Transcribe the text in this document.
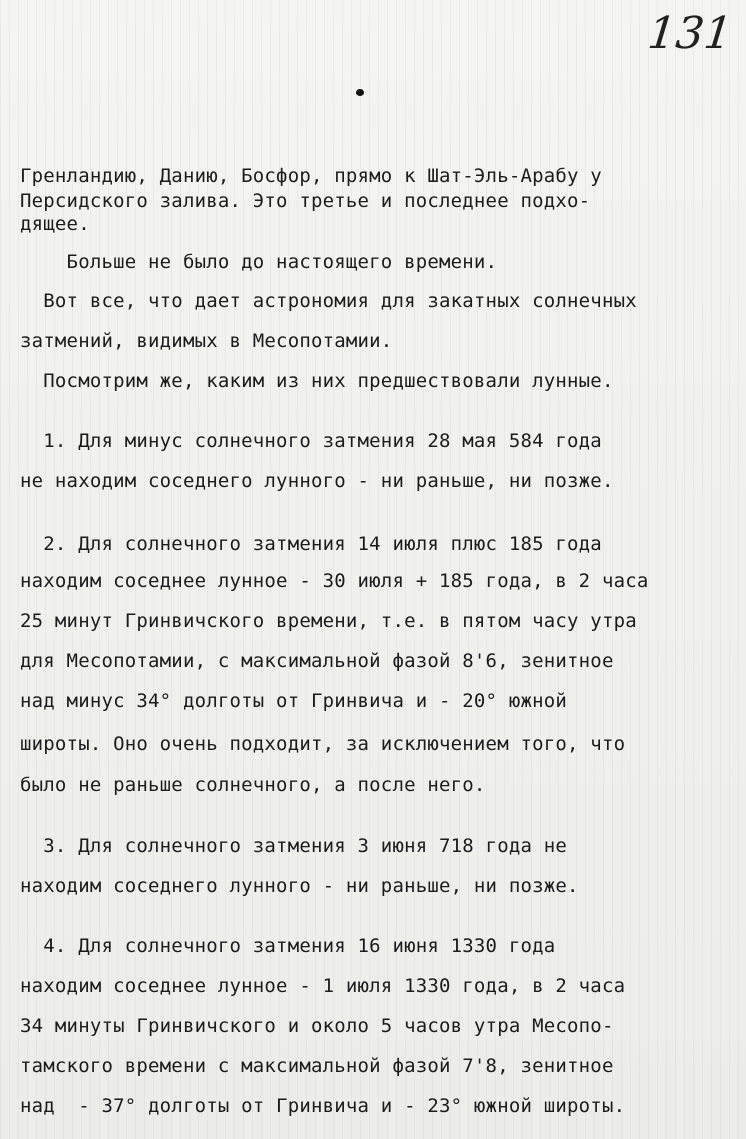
131
Гренландию, Данию, Босфор, прямо к Шат-Эль-Арабу у
Персидского залива. Это третье и последнее подхо-
дящее.
Больше не было до настоящего времени.
Вот все, что дает астрономия для закатных солнечных
затмений, видимых в Месопотамии.
Посмотрим же, каким из них предшествовали лунные.
1. Для минус солнечного затмения 28 мая 584 года
не находим соседнего лунного - ни раньше, ни позже.
2. Для солнечного затмения 14 июля плюс 185 года
находим соседнее лунное - 30 июля + 185 года, в 2 часа
25 минут Гринвичского времени, т.е. в пятом часу утра
для Месопотамии, с максимальной фазой 8'6, зенитное
над минус 34° долготы от Гринвича и - 20° южной
широты. Оно очень подходит, за исключением того, что
было не раньше солнечного, а после него.
3. Для солнечного затмения 3 июня 718 года не
находим соседнего лунного - ни раньше, ни позже.
4. Для солнечного затмения 16 июня 1330 года
находим соседнее лунное - 1 июля 1330 года, в 2 часа
34 минуты Гринвичского и около 5 часов утра Месопо-
тамского времени с максимальной фазой 7'8, зенитное
над  - 37° долготы от Гринвича и - 23° южной широты.
